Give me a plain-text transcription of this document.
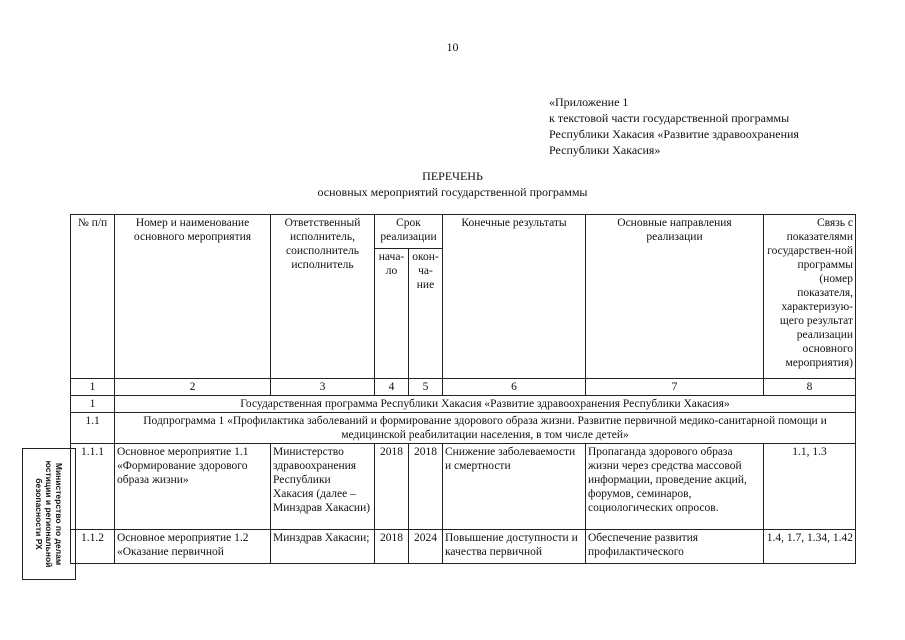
10
«Приложение 1
к текстовой части государственной программы
Республики Хакасия «Развитие здравоохранения
Республики Хакасия»
ПЕРЕЧЕНЬ
основных мероприятий государственной программы
№ п/п	Номер и наименование основного мероприятия	Ответственный исполнитель, соисполнитель исполнитель	Срок реализации		Конечные результаты	Основные направления реализации	Связь с показателями государствен-ной программы (номер показателя, характеризую-щего результат реализации основного мероприятия)
			нача-ло	окон-ча-ние			
1	2	3	4	5	6	7	8
1	Государственная программа Республики Хакасия «Развитие здравоохранения Республики Хакасия»						
1.1	Подпрограмма 1 «Профилактика заболеваний и формирование здорового образа жизни. Развитие первичной медико-санитарной помощи и медицинской реабилитации населения, в том числе детей»						
1.1.1	Основное мероприятие 1.1 «Формирование здорового образа жизни»	Министерство здравоохранения Республики Хакасия (далее – Минздрав Хакасии)	2018	2018	Снижение заболеваемости и смертности	Пропаганда здорового образа жизни через средства массовой информации, проведение акций, форумов, семинаров, социологических опросов.	1.1, 1.3
1.1.2	Основное мероприятие 1.2 «Оказание первичной	Минздрав Хакасии;	2018	2024	Повышение доступности и качества первичной	Обеспечение развития профилактического	1.4, 1.7, 1.34, 1.42
Министерство по делам юстиции и региональной безопасности РХ
